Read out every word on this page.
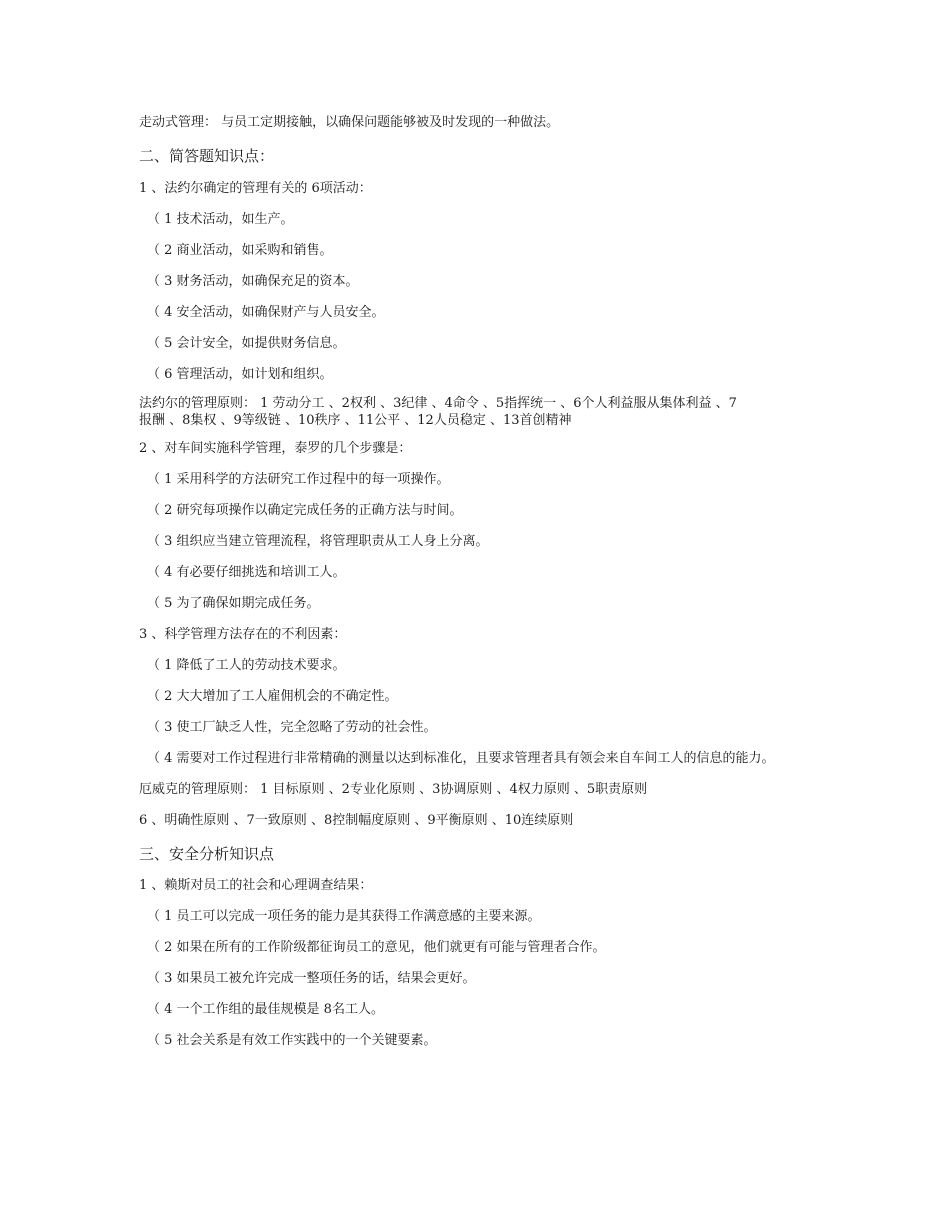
走动式管理： 与员工定期接触，以确保问题能够被及时发现的一种做法。
二、简答题知识点：
1 、法约尔确定的管理有关的 6项活动：
（ 1 技术活动，如生产。
（ 2 商业活动，如采购和销售。
（ 3 财务活动，如确保充足的资本。
（ 4 安全活动，如确保财产与人员安全。
（ 5 会计安全，如提供财务信息。
（ 6 管理活动，如计划和组织。
法约尔的管理原则： 1 劳动分工 、2权利 、3纪律 、4命令 、5指挥统一 、6个人利益服从集体利益 、7
报酬 、8集权 、9等级链 、10秩序 、11公平 、12人员稳定 、13首创精神
2 、对车间实施科学管理，泰罗的几个步骤是：
（ 1 采用科学的方法研究工作过程中的每一项操作。
（ 2 研究每项操作以确定完成任务的正确方法与时间。
（ 3 组织应当建立管理流程，将管理职责从工人身上分离。
（ 4 有必要仔细挑选和培训工人。
（ 5 为了确保如期完成任务。
3 、科学管理方法存在的不利因素：
（ 1 降低了工人的劳动技术要求。
（ 2 大大增加了工人雇佣机会的不确定性。
（ 3 使工厂缺乏人性，完全忽略了劳动的社会性。
（ 4 需要对工作过程进行非常精确的测量以达到标准化，且要求管理者具有领会来自车间工人的信息的能力。
厄威克的管理原则： 1 目标原则 、2专业化原则 、3协调原则 、4权力原则 、5职责原则
6 、明确性原则 、7一致原则 、8控制幅度原则 、9平衡原则 、10连续原则
三、安全分析知识点
1 、赖斯对员工的社会和心理调查结果：
（ 1 员工可以完成一项任务的能力是其获得工作满意感的主要来源。
（ 2 如果在所有的工作阶级都征询员工的意见，他们就更有可能与管理者合作。
（ 3 如果员工被允许完成一整项任务的话，结果会更好。
（ 4 一个工作组的最佳规模是 8名工人。
（ 5 社会关系是有效工作实践中的一个关键要素。
